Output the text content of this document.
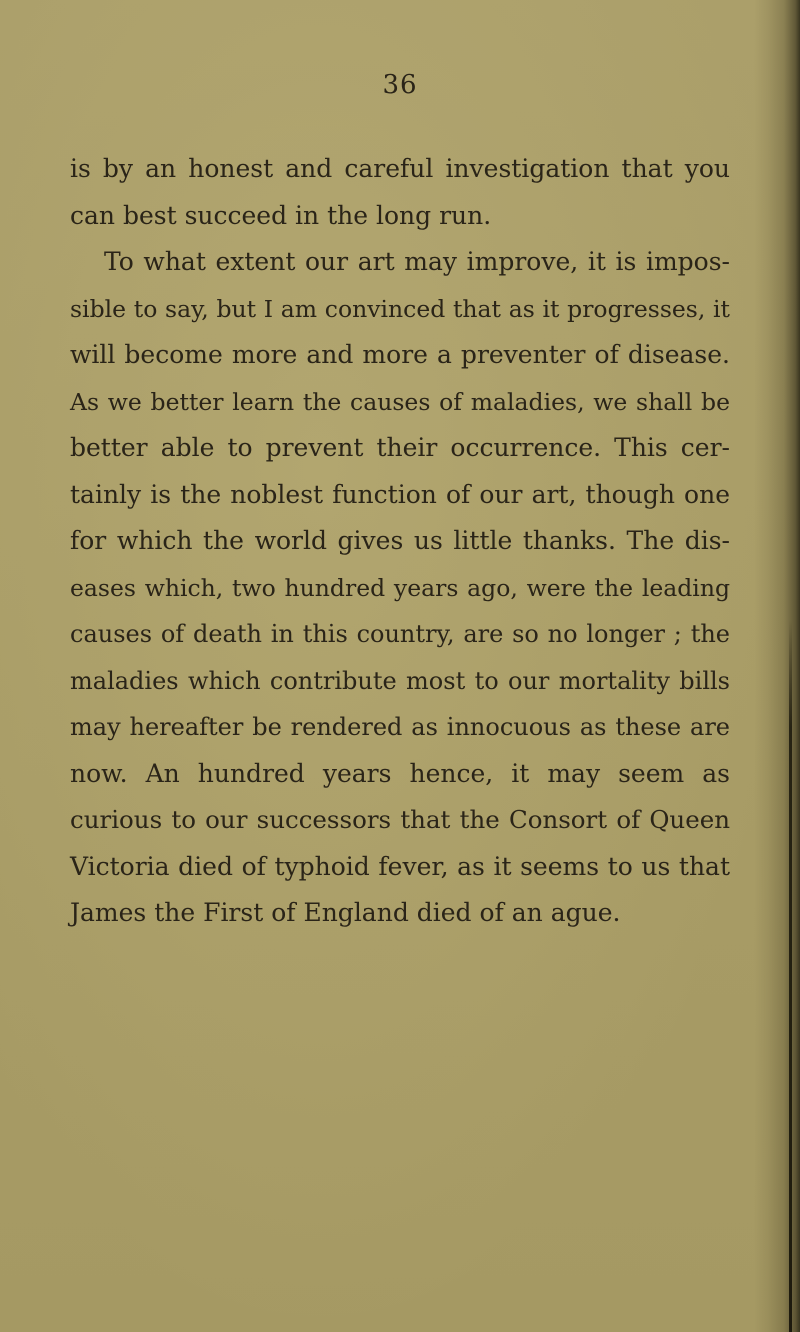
36
is by an honest and careful investigation that you
can best succeed in the long run.
To what extent our art may improve, it is impos-
sible to say, but I am convinced that as it progresses, it
will become more and more a preventer of disease.
As we better learn the causes of maladies, we shall be
better able to prevent their occurrence. This cer-
tainly is the noblest function of our art, though one
for which the world gives us little thanks. The dis-
eases which, two hundred years ago, were the leading
causes of death in this country, are so no longer ; the
maladies which contribute most to our mortality bills
may hereafter be rendered as innocuous as these are
now. An hundred years hence, it may seem as
curious to our successors that the Consort of Queen
Victoria died of typhoid fever, as it seems to us that
James the First of England died of an ague.
